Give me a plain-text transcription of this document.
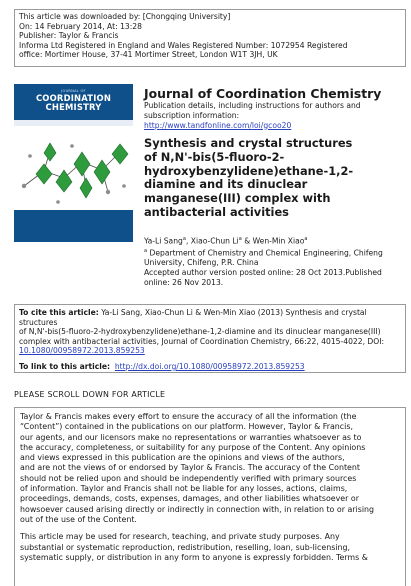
This article was downloaded by: [Chongqing University]
On: 14 February 2014, At: 13:28
Publisher: Taylor & Francis
Informa Ltd Registered in England and Wales Registered Number: 1072954 Registered
office: Mortimer House, 37-41 Mortimer Street, London W1T 3JH, UK
JOURNAL OF
COORDINATION
CHEMISTRY
Journal of Coordination Chemistry
Publication details, including instructions for authors and
subscription information:
http://www.tandfonline.com/loi/gcoo20
Synthesis and crystal structures
of N,N'-bis(5-fluoro-2-
hydroxybenzylidene)ethane-1,2-
diamine and its dinuclear
manganese(III) complex with
antibacterial activities
Ya-Li Sang$^a$, Xiao-Chun Li$^a$ & Wen-Min Xiao$^a$
$^a$ Department of Chemistry and Chemical Engineering, Chifeng
University, Chifeng, P.R. China
Accepted author version posted online: 28 Oct 2013.Published
online: 26 Nov 2013.
To cite this article: Ya-Li Sang, Xiao-Chun Li & Wen-Min Xiao (2013) Synthesis and crystal structures
of N,N'-bis(5-fluoro-2-hydroxybenzylidene)ethane-1,2-diamine and its dinuclear manganese(III)
complex with antibacterial activities, Journal of Coordination Chemistry, 66:22, 4015-4022, DOI:
10.1080/00958972.2013.859253
To link to this article: http://dx.doi.org/10.1080/00958972.2013.859253
PLEASE SCROLL DOWN FOR ARTICLE

Taylor & Francis makes every effort to ensure the accuracy of all the information (the
“Content”) contained in the publications on our platform. However, Taylor & Francis,
our agents, and our licensors make no representations or warranties whatsoever as to
the accuracy, completeness, or suitability for any purpose of the Content. Any opinions
and views expressed in this publication are the opinions and views of the authors,
and are not the views of or endorsed by Taylor & Francis. The accuracy of the Content
should not be relied upon and should be independently verified with primary sources
of information. Taylor and Francis shall not be liable for any losses, actions, claims,
proceedings, demands, costs, expenses, damages, and other liabilities whatsoever or
howsoever caused arising directly or indirectly in connection with, in relation to or arising
out of the use of the Content.

This article may be used for research, teaching, and private study purposes. Any
substantial or systematic reproduction, redistribution, reselling, loan, sub-licensing,
systematic supply, or distribution in any form to anyone is expressly forbidden. Terms &
